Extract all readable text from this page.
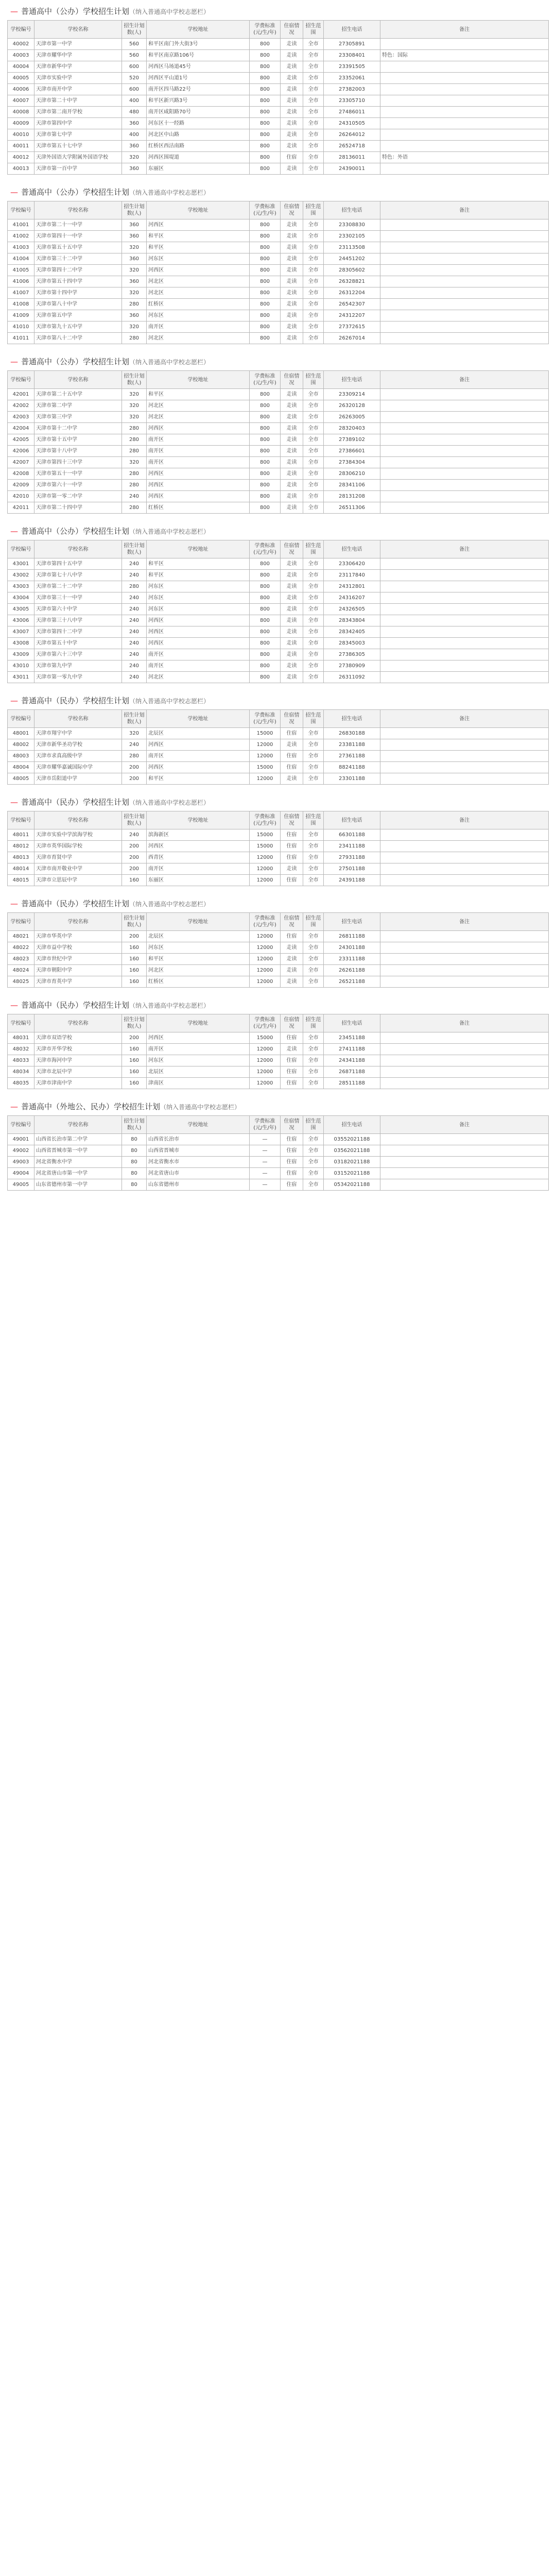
— 普通高中（公办）学校招生计划（纳入普通高中学校志愿栏）
学校编号	学校名称	招生计划数(人)	学校地址	学费标准(元/生/年)	住宿情况	招生范围	招生电话	备注
40002	天津市第一中学	560	和平区南门外大街3号	800	走读	全市	27305891	
40003	天津市耀华中学	560	和平区南京路106号	800	走读	全市	23308401	特色：国际
40004	天津市新华中学	600	河西区马场道45号	800	走读	全市	23391505	
40005	天津市实验中学	520	河西区平山道1号	800	走读	全市	23352061	
40006	天津市南开中学	600	南开区四马路22号	800	走读	全市	27382003	
40007	天津市第二十中学	400	和平区新兴路3号	800	走读	全市	23305710	
40008	天津市第二南开学校	480	南开区咸阳路70号	800	走读	全市	27486011	
40009	天津市第四中学	360	河东区十一经路	800	走读	全市	24310505	
40010	天津市第七中学	400	河北区中山路	800	走读	全市	26264012	
40011	天津市第五十七中学	360	红桥区西沽南路	800	走读	全市	26524718	
40012	天津外国语大学附属外国语学校	320	河西区围堤道	800	住宿	全市	28136011	特色：外语
40013	天津市第一百中学	360	东丽区	800	走读	全市	24390011	
— 普通高中（公办）学校招生计划（纳入普通高中学校志愿栏）
学校编号	学校名称	招生计划数(人)	学校地址	学费标准(元/生/年)	住宿情况	招生范围	招生电话	备注
41001	天津市第二十一中学	360	河西区	800	走读	全市	23308830	
41002	天津市第四十一中学	360	和平区	800	走读	全市	23302105	
41003	天津市第五十五中学	320	和平区	800	走读	全市	23113508	
41004	天津市第三十二中学	360	河东区	800	走读	全市	24451202	
41005	天津市第四十二中学	320	河西区	800	走读	全市	28305602	
41006	天津市第五十四中学	360	河北区	800	走读	全市	26328821	
41007	天津市第十四中学	320	河北区	800	走读	全市	26312204	
41008	天津市第八十中学	280	红桥区	800	走读	全市	26542307	
41009	天津市第五中学	360	河东区	800	走读	全市	24312207	
41010	天津市第九十五中学	320	南开区	800	走读	全市	27372615	
41011	天津市第八十二中学	280	河北区	800	走读	全市	26267014	
— 普通高中（公办）学校招生计划（纳入普通高中学校志愿栏）
学校编号	学校名称	招生计划数(人)	学校地址	学费标准(元/生/年)	住宿情况	招生范围	招生电话	备注
42001	天津市第二十五中学	320	和平区	800	走读	全市	23309214	
42002	天津市第二中学	320	河北区	800	走读	全市	26320128	
42003	天津市第三中学	320	河北区	800	走读	全市	26263005	
42004	天津市第十二中学	280	河西区	800	走读	全市	28320403	
42005	天津市第十五中学	280	南开区	800	走读	全市	27389102	
42006	天津市第十八中学	280	南开区	800	走读	全市	27386601	
42007	天津市第四十三中学	320	南开区	800	走读	全市	27384304	
42008	天津市第五十一中学	280	河西区	800	走读	全市	28306210	
42009	天津市第六十一中学	280	河西区	800	走读	全市	28341106	
42010	天津市第一零二中学	240	河西区	800	走读	全市	28131208	
42011	天津市第二十四中学	280	红桥区	800	走读	全市	26511306	
— 普通高中（公办）学校招生计划（纳入普通高中学校志愿栏）
学校编号	学校名称	招生计划数(人)	学校地址	学费标准(元/生/年)	住宿情况	招生范围	招生电话	备注
43001	天津市第四十五中学	240	和平区	800	走读	全市	23306420	
43002	天津市第七十八中学	240	和平区	800	走读	全市	23117840	
43003	天津市第二十二中学	280	河东区	800	走读	全市	24312801	
43004	天津市第三十一中学	240	河东区	800	走读	全市	24316207	
43005	天津市第六十中学	240	河东区	800	走读	全市	24326505	
43006	天津市第三十八中学	240	河西区	800	走读	全市	28343804	
43007	天津市第四十二中学	240	河西区	800	走读	全市	28342405	
43008	天津市第五十中学	240	河西区	800	走读	全市	28345003	
43009	天津市第六十三中学	240	南开区	800	走读	全市	27386305	
43010	天津市第九中学	240	南开区	800	走读	全市	27380909	
43011	天津市第一零九中学	240	河北区	800	走读	全市	26311092	
— 普通高中（民办）学校招生计划（纳入普通高中学校志愿栏）
学校编号	学校名称	招生计划数(人)	学校地址	学费标准(元/生/年)	住宿情况	招生范围	招生电话	备注
48001	天津市翔宇中学	320	北辰区	15000	住宿	全市	26830188	
48002	天津市新华圣功学校	240	河西区	12000	走读	全市	23381188	
48003	天津市求真高级中学	280	南开区	12000	住宿	全市	27361188	
48004	天津市耀华嘉诚国际中学	200	河西区	15000	住宿	全市	88241188	
48005	天津市岳阳道中学	200	和平区	12000	走读	全市	23301188	
— 普通高中（民办）学校招生计划（纳入普通高中学校志愿栏）
学校编号	学校名称	招生计划数(人)	学校地址	学费标准(元/生/年)	住宿情况	招生范围	招生电话	备注
48011	天津市实验中学滨海学校	240	滨海新区	15000	住宿	全市	66301188	
48012	天津市英华国际学校	200	河西区	15000	住宿	全市	23411188	
48013	天津市育贤中学	200	西青区	12000	住宿	全市	27931188	
48014	天津市南开敬业中学	200	南开区	12000	走读	全市	27501188	
48015	天津市立思辰中学	160	东丽区	12000	住宿	全市	24391188	
— 普通高中（民办）学校招生计划（纳入普通高中学校志愿栏）
学校编号	学校名称	招生计划数(人)	学校地址	学费标准(元/生/年)	住宿情况	招生范围	招生电话	备注
48021	天津市华英中学	200	北辰区	12000	住宿	全市	26811188	
48022	天津市益中学校	160	河东区	12000	走读	全市	24301188	
48023	天津市世纪中学	160	和平区	12000	走读	全市	23311188	
48024	天津市朝阳中学	160	河北区	12000	走读	全市	26261188	
48025	天津市育英中学	160	红桥区	12000	走读	全市	26521188	
— 普通高中（民办）学校招生计划（纳入普通高中学校志愿栏）
学校编号	学校名称	招生计划数(人)	学校地址	学费标准(元/生/年)	住宿情况	招生范围	招生电话	备注
48031	天津市双语学校	200	河西区	15000	住宿	全市	23451188	
48032	天津市开华学校	160	南开区	12000	走读	全市	27411188	
48033	天津市海河中学	160	河东区	12000	住宿	全市	24341188	
48034	天津市北辰中学	160	北辰区	12000	住宿	全市	26871188	
48035	天津市津南中学	160	津南区	12000	住宿	全市	28511188	
— 普通高中（外地公、民办）学校招生计划（纳入普通高中学校志愿栏）
学校编号	学校名称	招生计划数(人)	学校地址	学费标准(元/生/年)	住宿情况	招生范围	招生电话	备注
49001	山西省长治市第二中学	80	山西省长治市	—	住宿	全市	03552021188	
49002	山西省晋城市第一中学	80	山西省晋城市	—	住宿	全市	03562021188	
49003	河北省衡水中学	80	河北省衡水市	—	住宿	全市	03182021188	
49004	河北省唐山市第一中学	80	河北省唐山市	—	住宿	全市	03152021188	
49005	山东省德州市第一中学	80	山东省德州市	—	住宿	全市	05342021188	
